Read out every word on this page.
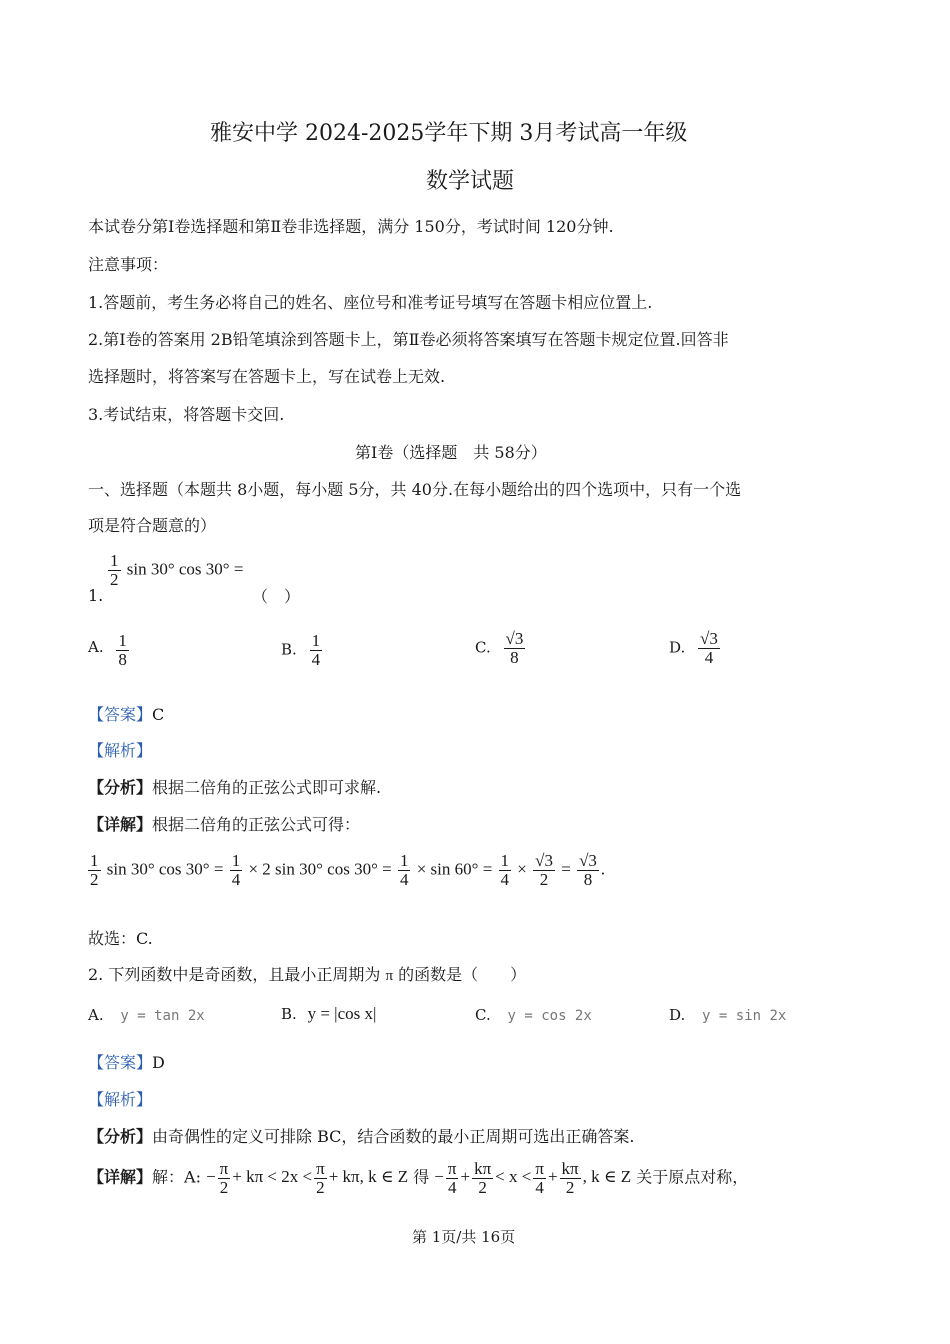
雅安中学 2024-2025学年下期 3月考试高一年级
数学试题
本试卷分第Ⅰ卷选择题和第Ⅱ卷非选择题，满分 150分，考试时间 120分钟.
注意事项：
1.答题前，考生务必将自己的姓名、座位号和准考证号填写在答题卡相应位置上.
2.第Ⅰ卷的答案用 2B铅笔填涂到答题卡上，第Ⅱ卷必须将答案填写在答题卡规定位置.回答非
选择题时，将答案写在答题卡上，写在试卷上无效.
3.考试结束，将答题卡交回.
第Ⅰ卷（选择题　共 58分）
一、选择题（本题共 8小题，每小题 5分，共 40分.在每小题给出的四个选项中，只有一个选
项是符合题意的）
1.
$\frac{1}{2}$ sin 30° cos 30° =
（　）
A. $\frac{1}{8}$	B. $\frac{1}{4}$	C. $\frac{√3}{8}$	D. $\frac{√3}{4}$
【答案】C
【解析】
【分析】根据二倍角的正弦公式即可求解.
【详解】根据二倍角的正弦公式可得：
$\frac{1}{2}$ sin 30° $\cos 30^\circ = \frac{1}{4} \times 2$ sin 30° $\cos 30^\circ = \frac{1}{4} \times \sin 60^\circ = \frac{1}{4} \times \frac{√3}{2} = \frac{√3}{8}$ .
故选：C.
2. 下列函数中是奇函数，且最小正周期为 π 的函数是（　　）
A. y = tan 2x	B. y = |cos x|	C. y = cos 2x	D. y = sin 2x
【答案】D
【解析】
【分析】由奇偶性的定义可排除 BC，结合函数的最小正周期可选出正确答案.
【详解】解：A: − $\frac{\pi}{2} + k\pi < 2x < \frac{\pi}{2} + k\pi$, k ∈ Z 得 − $\frac{\pi}{4} + \frac{k\pi}{2} < x < \frac{\pi}{4} + \frac{k\pi}{2}$ , k ∈ Z 关于原点对称，
第 1页/共 16页
